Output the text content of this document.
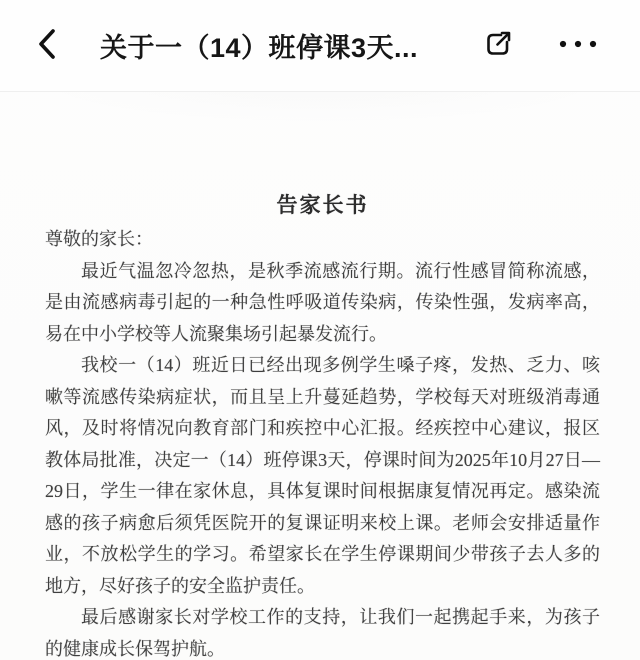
关于一（14）班停课3天...
告家长书

尊敬的家长：

最近气温忽冷忽热，是秋季流感流行期。流行性感冒简称流感，是由流感病毒引起的一种急性呼吸道传染病，传染性强，发病率高，易在中小学校等人流聚集场引起暴发流行。

我校一（14）班近日已经出现多例学生嗓子疼，发热、乏力、咳嗽等流感传染病症状，而且呈上升蔓延趋势，学校每天对班级消毒通风，及时将情况向教育部门和疾控中心汇报。经疾控中心建议，报区教体局批准，决定一（14）班停课3天，停课时间为2025年10月27日—29日，学生一律在家休息，具体复课时间根据康复情况再定。感染流感的孩子病愈后须凭医院开的复课证明来校上课。老师会安排适量作业，不放松学生的学习。希望家长在学生停课期间少带孩子去人多的地方，尽好孩子的安全监护责任。

最后感谢家长对学校工作的支持，让我们一起携起手来，为孩子的健康成长保驾护航。
